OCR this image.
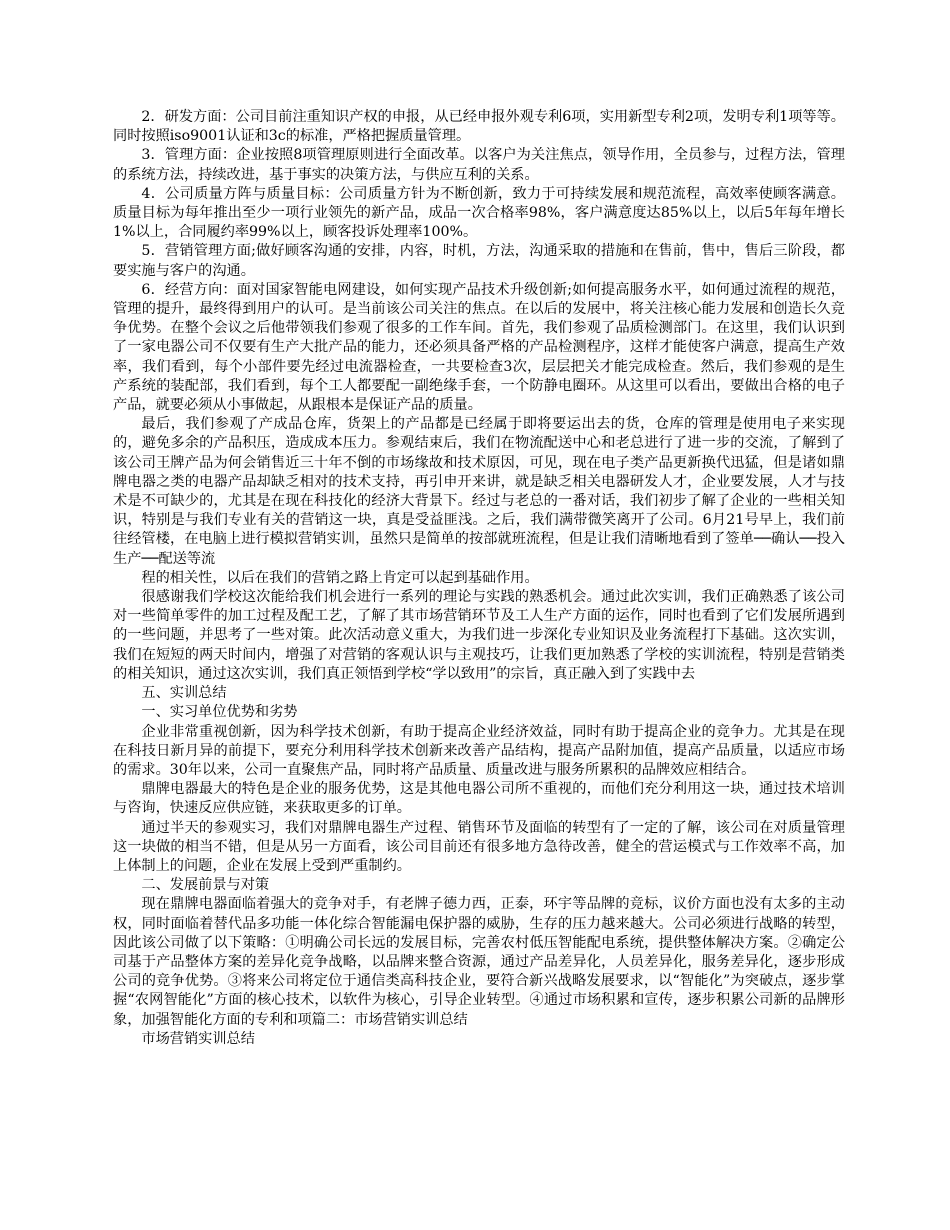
2．研发方面：公司目前注重知识产权的申报，从已经申报外观专利6项，实用新型专利2项，发明专利1项等等。同时按照iso9001认证和3c的标准，严格把握质量管理。

3．管理方面：企业按照8项管理原则进行全面改革。以客户为关注焦点，领导作用，全员参与，过程方法，管理的系统方法，持续改进，基于事实的决策方法，与供应互利的关系。

4．公司质量方阵与质量目标：公司质量方针为不断创新，致力于可持续发展和规范流程，高效率使顾客满意。质量目标为每年推出至少一项行业领先的新产品，成品一次合格率98%，客户满意度达85%以上，以后5年每年增长1%以上，合同履约率99%以上，顾客投诉处理率100%。

5．营销管理方面;做好顾客沟通的安排，内容，时机，方法，沟通采取的措施和在售前，售中，售后三阶段，都要实施与客户的沟通。

6．经营方向：面对国家智能电网建设，如何实现产品技术升级创新;如何提高服务水平，如何通过流程的规范，管理的提升，最终得到用户的认可。是当前该公司关注的焦点。在以后的发展中，将关注核心能力发展和创造长久竞争优势。在整个会议之后他带领我们参观了很多的工作车间。首先，我们参观了品质检测部门。在这里，我们认识到了一家电器公司不仅要有生产大批产品的能力，还必须具备严格的产品检测程序，这样才能使客户满意，提高生产效率，我们看到，每个小部件要先经过电流器检查，一共要检查3次，层层把关才能完成检查。然后，我们参观的是生产系统的装配部，我们看到，每个工人都要配一副绝缘手套，一个防静电圈环。从这里可以看出，要做出合格的电子产品，就要必须从小事做起，从跟根本是保证产品的质量。

最后，我们参观了产成品仓库，货架上的产品都是已经属于即将要运出去的货，仓库的管理是使用电子来实现的，避免多余的产品积压，造成成本压力。参观结束后，我们在物流配送中心和老总进行了进一步的交流，了解到了该公司王牌产品为何会销售近三十年不倒的市场缘故和技术原因，可见，现在电子类产品更新换代迅猛，但是诸如鼎牌电器之类的电器产品却缺乏相对的技术支持，再引申开来讲，就是缺乏相关电器研发人才，企业要发展，人才与技术是不可缺少的，尤其是在现在科技化的经济大背景下。经过与老总的一番对话，我们初步了解了企业的一些相关知识，特别是与我们专业有关的营销这一块，真是受益匪浅。之后，我们满带微笑离开了公司。6月21号早上，我们前往经管楼，在电脑上进行模拟营销实训，虽然只是简单的按部就班流程，但是让我们清晰地看到了签单──确认──投入生产──配送等流

程的相关性，以后在我们的营销之路上肯定可以起到基础作用。

很感谢我们学校这次能给我们机会进行一系列的理论与实践的熟悉机会。通过此次实训，我们正确熟悉了该公司对一些简单零件的加工过程及配工艺，了解了其市场营销环节及工人生产方面的运作，同时也看到了它们发展所遇到的一些问题，并思考了一些对策。此次活动意义重大，为我们进一步深化专业知识及业务流程打下基础。这次实训，我们在短短的两天时间内，增强了对营销的客观认识与主观技巧，让我们更加熟悉了学校的实训流程，特别是营销类的相关知识，通过这次实训，我们真正领悟到学校“学以致用”的宗旨，真正融入到了实践中去

五、实训总结

一、实习单位优势和劣势

企业非常重视创新，因为科学技术创新，有助于提高企业经济效益，同时有助于提高企业的竞争力。尤其是在现在科技日新月异的前提下，要充分利用科学技术创新来改善产品结构，提高产品附加值，提高产品质量，以适应市场的需求。30年以来，公司一直聚焦产品，同时将产品质量、质量改进与服务所累积的品牌效应相结合。

鼎牌电器最大的特色是企业的服务优势，这是其他电器公司所不重视的，而他们充分利用这一块，通过技术培训与咨询，快速反应供应链，来获取更多的订单。

通过半天的参观实习，我们对鼎牌电器生产过程、销售环节及面临的转型有了一定的了解，该公司在对质量管理这一块做的相当不错，但是从另一方面看，该公司目前还有很多地方急待改善，健全的营运模式与工作效率不高，加上体制上的问题，企业在发展上受到严重制约。

二、发展前景与对策

现在鼎牌电器面临着强大的竞争对手，有老牌子德力西，正泰，环宇等品牌的竞标，议价方面也没有太多的主动权，同时面临着替代品多功能一体化综合智能漏电保护器的威胁，生存的压力越来越大。公司必须进行战略的转型，因此该公司做了以下策略：①明确公司长远的发展目标，完善农村低压智能配电系统，提供整体解决方案。②确定公司基于产品整体方案的差异化竞争战略，以品牌来整合资源，通过产品差异化，人员差异化，服务差异化，逐步形成公司的竞争优势。③将来公司将定位于通信类高科技企业，要符合新兴战略发展要求，以“智能化”为突破点，逐步掌握“农网智能化”方面的核心技术，以软件为核心，引导企业转型。④通过市场积累和宣传，逐步积累公司新的品牌形象，加强智能化方面的专利和项篇二：市场营销实训总结

市场营销实训总结
